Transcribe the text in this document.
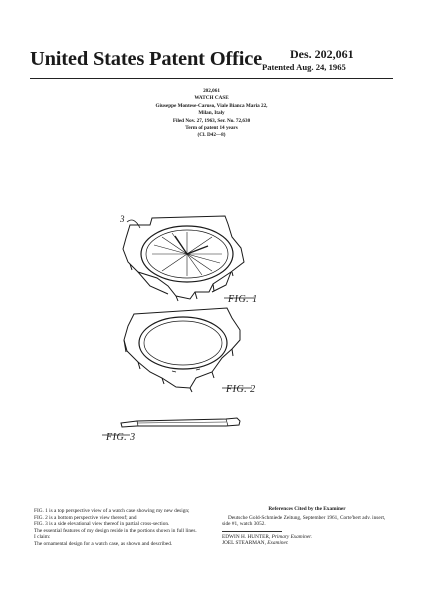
United States Patent Office Des. 202,061
Patented Aug. 24, 1965
202,061
WATCH CASE
Giuseppe Montese-Caruso, Viale Bianca Maria 22,
Milan, Italy
Filed Nov. 27, 1963, Ser. No. 72,630
Term of patent 14 years
(Cl. D42—8)
3
FIG. 1
FIG. 2
FIG. 3

FIG. 1 is a top perspective view of a watch case showing my new design;

FIG. 2 is a bottom perspective view thereof; and

FIG. 3 is a side elevational view thereof in partial cross-section.

The essential features of my design reside in the portions shown in full lines.

I claim:

The ornamental design for a watch case, as shown and described.

References Cited by the Examiner

Deutsche Gold-Schmiede Zeitung, September 1961, Corte'bert adv. insert, side #1, watch 3052.

EDWIN H. HUNTER, Primary Examiner.

JOEL STEARMAN, Examiner.
